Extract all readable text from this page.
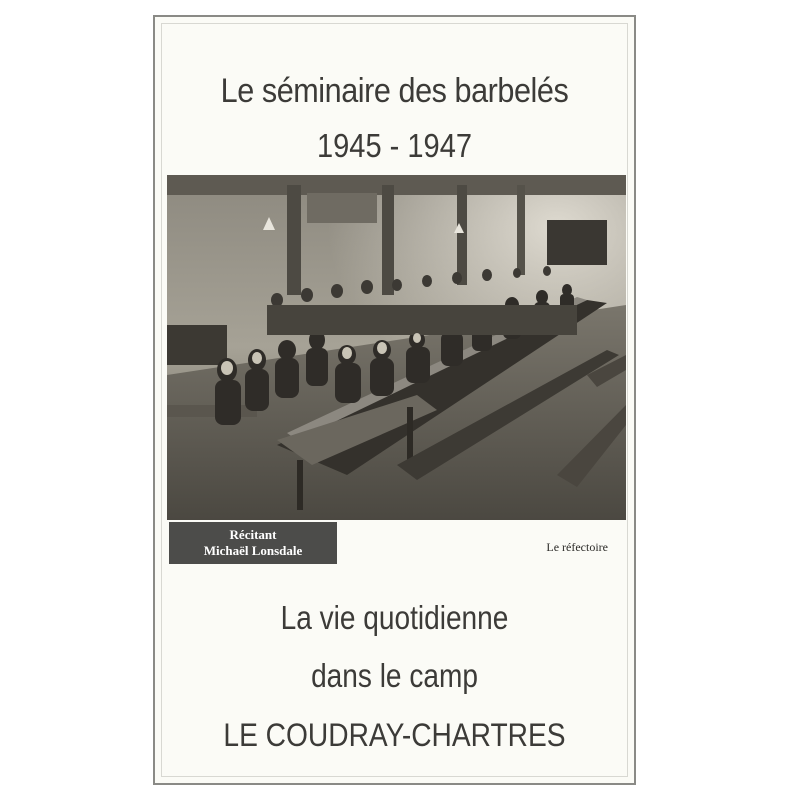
Le séminaire des barbelés
1945 - 1947
Récitant
Michaël Lonsdale	Le réfectoire
La vie quotidienne
dans le camp
LE COUDRAY-CHARTRES
